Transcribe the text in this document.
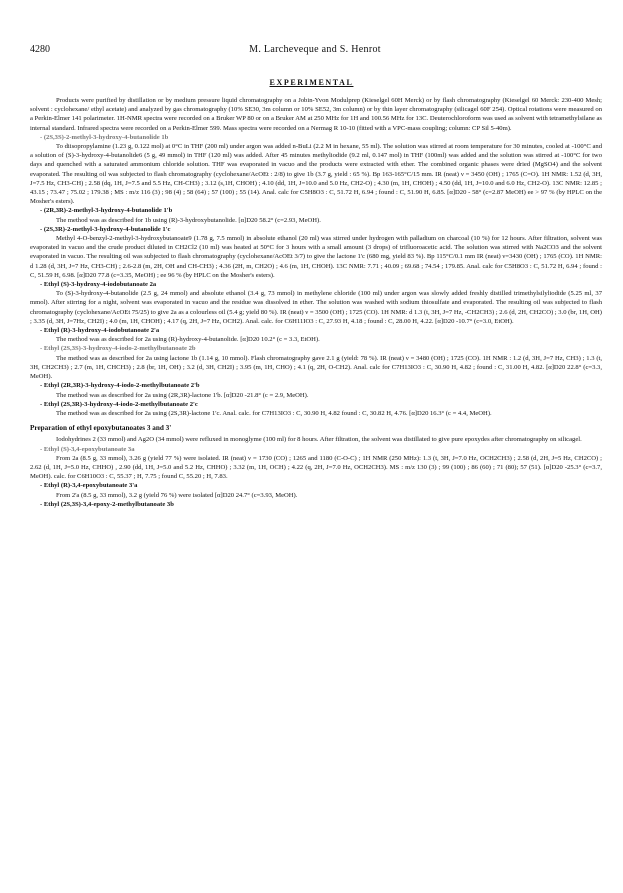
4280	M. Larcheveque and S. Henrot
EXPERIMENTAL

Products were purified by distillation or by medium pressure liquid chromatography on a Jobin-Yvon Modulprep (Kieselgel 60H Merck) or by flash chromatography (Kieselgel 60 Merck: 230-400 Mesh; solvent : cyclohexane/ ethyl acetate) and analyzed by gas chromatography (10% SE30, 3m column or 10% SE52, 3m column) or by thin layer chromatography (silicagel 60F 254). Optical rotations were measured on a Perkin-Elmer 141 polarimeter. 1H-NMR spectra were recorded on a Bruker WP 80 or on a Bruker AM at 250 MHz for 1H and 100.56 MHz for 13C. Deuterochloroform was used as solvent with tetramethylsilane as internal standard. Infrared spectra were recorded on a Perkin-Elmer 599. Mass spectra were recorded on a Nermag R 10-10 (fitted with a VPC-mass coupling; column: CP Sil 5-40m).

- (2S,3S)-2-methyl-3-hydroxy-4-butanolide 1b

To diisopropylamine (1.23 g, 0.122 mol) at 0°C in THF (200 ml) under argon was added n-BuLi (2.2 M in hexane, 55 ml). The solution was stirred at room temperature for 30 minutes, cooled at -100°C and a solution of (S)-3-hydroxy-4-butanolide6 (5 g, 49 mmol) in THF (120 ml) was added. After 45 minutes methyliodide (9.2 ml, 0.147 mol) in THF (100ml) was added and the solution was stirred at -100°C for two days and quenched with a saturated ammonium chloride solution. THF was evaporated in vacuo and the products were extracted with ether. The combined organic phases were dried (MgSO4) and the solvent evaporated. The resulting oil was subjected to flash chromatography (cyclohexane/AcOEt : 2/8) to give 1b (3.7 g, yield : 65 %). Bp 163-165°C/15 mm. IR (neat) ν = 3450 (OH) ; 1765 (C=O). 1H NMR: 1.52 (d, 3H, J=7.5 Hz, CH3-CH) ; 2.58 (dq, 1H, J=7.5 and 5.5 Hz, CH-CH3) ; 3.12 (s,1H, CHOH) ; 4.10 (dd, 1H, J=10.0 and 5.0 Hz, CH2-O) ; 4.30 (m, 1H, CHOH) ; 4.50 (dd, 1H, J=10.0 and 6.0 Hz, CH2-O). 13C NMR: 12.85 ; 43.15 ; 73.47 ; 75.02 ; 179.38 ; MS : m/z 116 (3) ; 98 (4) ; 58 (64) ; 57 (100) ; 55 (14). Anal. calc for C5H8O3 : C, 51.72 H, 6.94 ; found : C, 51.90 H, 6.85. [α]D20 - 58° (c=2.87 MeOH) ee > 97 % (by HPLC on the Mosher's esters).

- (2R,3R)-2-methyl-3-hydroxy-4-butanolide 1'b

The method was as described for 1b using (R)-3-hydroxybutanolide. [α]D20 58.2° (c=2.93, MeOH).

- (2S,3R)-2-methyl-3-hydroxy-4-butanolide 1'c

Methyl 4-O-benzyl-2-methyl-3-hydroxybutanoate9 (1.78 g, 7.5 mmol) in absolute ethanol (20 ml) was stirred under hydrogen with palladium on charcoal (10 %) for 12 hours. After filtration, solvent was evaporated in vacuo and the crude product diluted in CH2Cl2 (10 ml) was heated at 50°C for 3 hours with a small amount (3 drops) of trifluoroacetic acid. The solution was stirred with Na2CO3 and the solvent evaporated in vacuo. The resulting oil was subjected to flash chromatography (cyclohexane/AcOEt 3/7) to give the lactone 1'c (680 mg, yield 83 %). Bp 115°C/0.1 mm IR (neat) ν=3430 (OH) ; 1765 (CO). 1H NMR: d 1.28 (d, 3H, J=7 Hz, CH3-CH) ; 2.6-2.8 (m, 2H, OH and CH-CH3) ; 4.36 (2H, m, CH2O) ; 4.6 (m, 1H, CHOH). 13C NMR: 7.71 ; 40.09 ; 69.68 ; 74.54 ; 179.85. Anal. calc for C5H8O3 : C, 51.72 H, 6.94 ; found : C, 51.59 H, 6.98. [α]D20 77.8 (c=3.35, MeOH) ; ee 96 % (by HPLC on the Mosher's esters).

- Ethyl (S)-3-hydroxy-4-iodobutanoate 2a

To (S)-3-hydroxy-4-butanolide (2.5 g, 24 mmol) and absolute ethanol (3.4 g, 73 mmol) in methylene chloride (100 ml) under argon was slowly added freshly distilled trimethylsilyliodide (5.25 ml, 37 mmol). After stirring for a night, solvent was evaporated in vacuo and the residue was dissolved in ether. The solution was washed with sodium thiosulfate and evaporated. The resulting oil was subjected to flash chromatography (cyclohexane/AcOEt 75/25) to give 2a as a colourless oil (5.4 g; yield 80 %). IR (neat) ν = 3500 (OH) ; 1725 (CO). 1H NMR: d 1.3 (t, 3H, J=7 Hz, -CH2CH3) ; 2.6 (d, 2H, CH2CO) ; 3.0 (br, 1H, OH) ; 3.35 (d, 3H, J=7Hz, CH2I) ; 4.0 (m, 1H, CHOH) ; 4.17 (q, 2H, J=7 Hz, OCH2). Anal. calc. for C6H11IO3 : C, 27.93 H, 4.18 ; found : C, 28.00 H, 4.22. [α]D20 -10.7° (c=3.0, EtOH).

- Ethyl (R)-3-hydroxy-4-iodobutanoate 2'a

The method was as described for 2a using (R)-hydroxy-4-butanolide. [α]D20 10.2° (c = 3.3, EtOH).

- Ethyl (2S,3S)-3-hydroxy-4-iodo-2-methylbutanoate 2b

The method was as described for 2a using lactone 1b (1.14 g, 10 mmol). Flash chromatography gave 2.1 g (yield: 78 %). IR (neat) ν = 3480 (OH) ; 1725 (CO). 1H NMR : 1.2 (d, 3H, J=7 Hz, CH3) ; 1.3 (t, 3H, CH2CH3) ; 2.7 (m, 1H, CHCH3) ; 2.8 (br, 1H, OH) ; 3.2 (d, 3H, CH2I) ; 3.95 (m, 1H, CHO) ; 4.1 (q, 2H, O-CH2). Anal. calc for C7H13IO3 : C, 30.90 H, 4.82 ; found : C, 31.00 H, 4.82. [α]D20 22.8° (c=3.3, MeOH).

- Ethyl (2R,3R)-3-hydroxy-4-iodo-2-methylbutanoate 2'b

The method was as described for 2a using (2R,3R)-lactone 1'b. [α]D20 -21.8° (c = 2.9, MeOH).

- Ethyl (2S,3R)-3-hydroxy-4-iodo-2-methylbutanoate 2'c

The method was as described for 2a using (2S,3R)-lactone 1'c. Anal. calc. for C7H13IO3 : C, 30.90 H, 4.82 found : C, 30.82 H, 4.76. [α]D20 16.3° (c = 4.4, MeOH).

Preparation of ethyl epoxybutanoates 3 and 3'

Iodohydrines 2 (33 mmol) and Ag2O (34 mmol) were refluxed in monoglyme (100 ml) for 8 hours. After filtration, the solvent was distillated to give pure epoxydes after chromatography on silicagel.

- Ethyl (S)-3,4-epoxybutanoate 3a

From 2a (8.5 g, 33 mmol), 3.26 g (yield 77 %) were isolated. IR (neat) ν = 1730 (CO) ; 1265 and 1180 (C-O-C) ; 1H NMR (250 MHz): 1.3 (t, 3H, J=7.0 Hz, OCH2CH3) ; 2.58 (d, 2H, J=5 Hz, CH2CO) ; 2.62 (d, 1H, J=5.0 Hz, CHHO) , 2.90 (dd, 1H, J=5.0 and 5.2 Hz, CHHO) ; 3.32 (m, 1H, OCH) ; 4.22 (q, 2H, J=7.0 Hz, OCH2CH3). MS : m/z 130 (3) ; 99 (100) ; 86 (60) ; 71 (80); 57 (51). [α]D20 -25.3° (c=3.7, MeOH). calc. for C6H10O3 : C, 55.37 ; H, 7.75 ; found C, 55.20 ; H, 7.83.

- Ethyl (R)-3,4-epoxybutanoate 3'a

From 2'a (8.5 g, 33 mmol), 3.2 g (yield 76 %) were isolated [α]D20 24.7° (c=3.93, MeOH).

- Ethyl (2S,3S)-3,4-epoxy-2-methylbutanoate 3b
